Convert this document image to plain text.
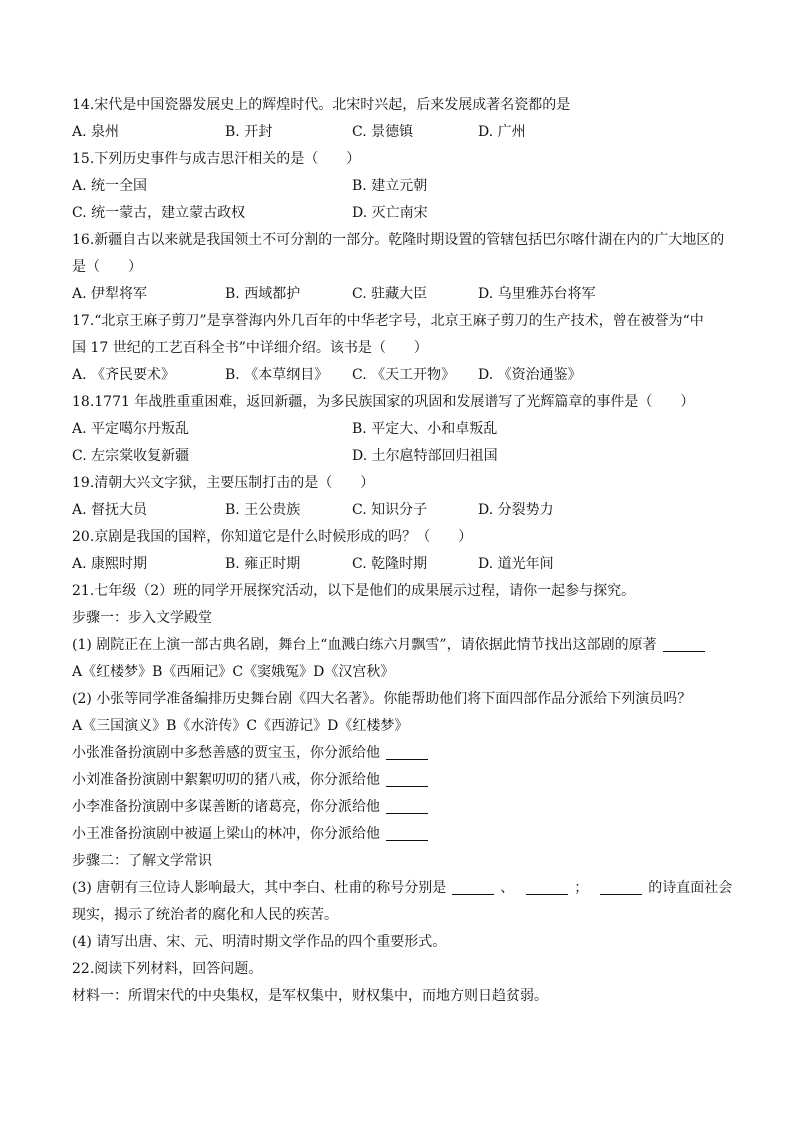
14.宋代是中国瓷器发展史上的辉煌时代。北宋时兴起，后来发展成著名瓷都的是
A. 泉州	B. 开封	C. 景德镇	D. 广州
15.下列历史事件与成吉思汗相关的是（　　）
A. 统一全国	B. 建立元朝
C. 统一蒙古，建立蒙古政权	D. 灭亡南宋
16.新疆自古以来就是我国领土不可分割的一部分。乾隆时期设置的管辖包括巴尔喀什湖在内的广大地区的
是（　　）
A. 伊犁将军	B. 西域都护	C. 驻藏大臣	D. 乌里雅苏台将军
17.“北京王麻子剪刀”是享誉海内外几百年的中华老字号，北京王麻子剪刀的生产技术，曾在被誉为“中
国 17 世纪的工艺百科全书”中详细介绍。该书是（　　）
A. 《齐民要术》	B. 《本草纲目》 C. 《天工开物》 D. 《资治通鉴》
18.1771 年战胜重重困难，返回新疆，为多民族国家的巩固和发展谱写了光辉篇章的事件是（　　）
A. 平定噶尔丹叛乱	B. 平定大、小和卓叛乱
C. 左宗棠收复新疆	D. 土尔扈特部回归祖国
19.清朝大兴文字狱，主要压制打击的是（　　）
A. 督抚大员	B. 王公贵族	C. 知识分子	D. 分裂势力
20.京剧是我国的国粹，你知道它是什么时候形成的吗？（　　）
A. 康熙时期	B. 雍正时期	C. 乾隆时期	D. 道光年间
21.七年级（2）班的同学开展探究活动，以下是他们的成果展示过程，请你一起参与探究。
步骤一：步入文学殿堂
(1) 剧院正在上演一部古典名剧，舞台上“血溅白练六月飘雪”，请依据此情节找出这部剧的原著
A《红楼梦》B《西厢记》C《窦娥冤》D《汉宫秋》
(2) 小张等同学准备编排历史舞台剧《四大名著》。你能帮助他们将下面四部作品分派给下列演员吗？
A《三国演义》B《水浒传》C《西游记》D《红楼梦》
小张准备扮演剧中多愁善感的贾宝玉，你分派给他
小刘准备扮演剧中絮絮叨叨的猪八戒，你分派给他
小李准备扮演剧中多谋善断的诸葛亮，你分派给他
小王准备扮演剧中被逼上梁山的林冲，你分派给他
步骤二：了解文学常识
(3) 唐朝有三位诗人影响最大，其中李白、杜甫的称号分别是	、	；	的诗直面社会
现实，揭示了统治者的腐化和人民的疾苦。
(4) 请写出唐、宋、元、明清时期文学作品的四个重要形式。
22.阅读下列材料，回答问题。
材料一：所谓宋代的中央集权，是军权集中，财权集中，而地方则日趋贫弱。
